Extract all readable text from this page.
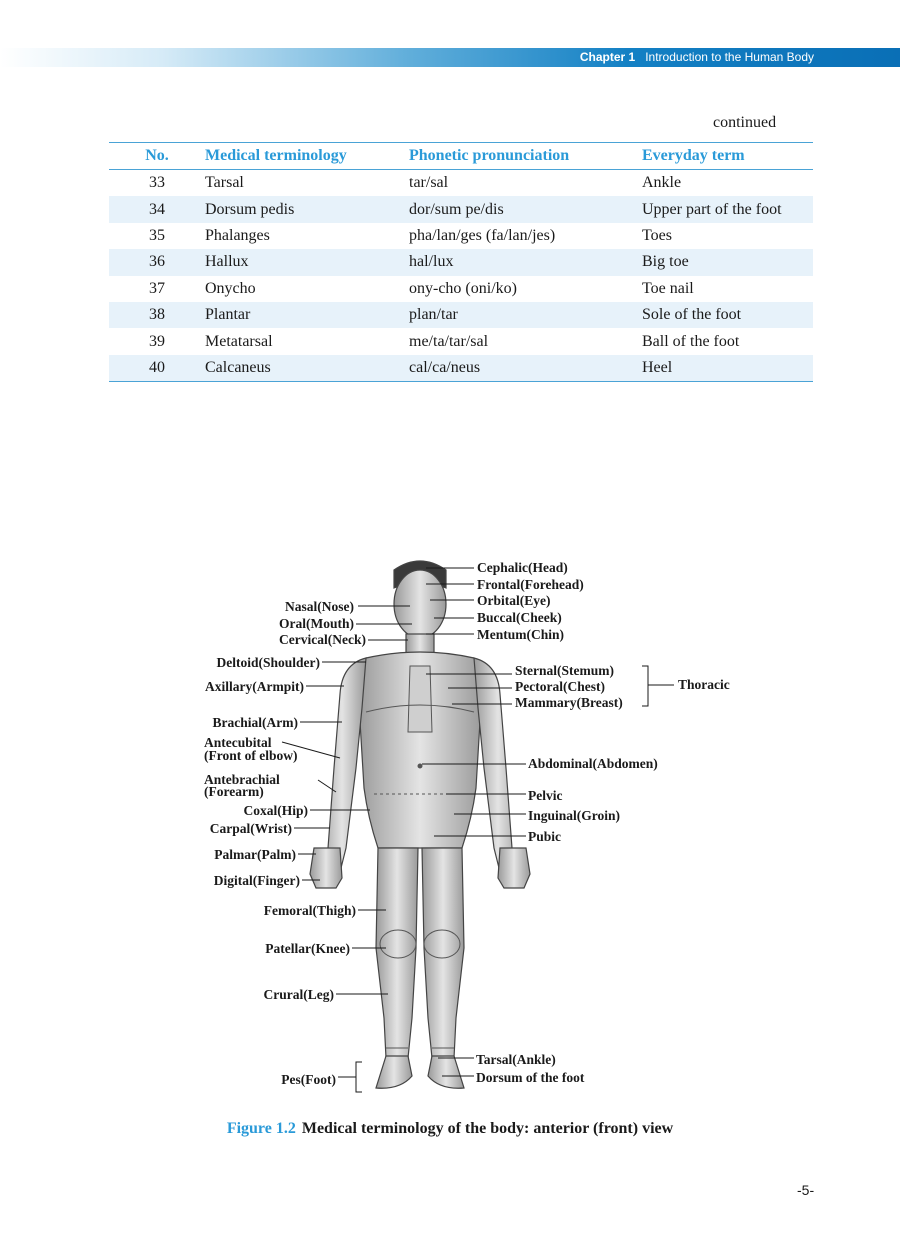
Chapter 1 Introduction to the Human Body
continued
No.	Medical terminology	Phonetic pronunciation	Everyday term
33	Tarsal	tar/sal	Ankle
34	Dorsum pedis	dor/sum pe/dis	Upper part of the foot
35	Phalanges	pha/lan/ges (fa/lan/jes)	Toes
36	Hallux	hal/lux	Big toe
37	Onycho	ony-cho (oni/ko)	Toe nail
38	Plantar	plan/tar	Sole of the foot
39	Metatarsal	me/ta/tar/sal	Ball of the foot
40	Calcaneus	cal/ca/neus	Heel
Nasal(Nose)
Oral(Mouth)
Cervical(Neck)
Deltoid(Shoulder)
Axillary(Armpit)
Brachial(Arm)
Antecubital
(Front of elbow)
Antebrachial
(Forearm)
Coxal(Hip)
Carpal(Wrist)
Palmar(Palm)
Digital(Finger)
Femoral(Thigh)
Patellar(Knee)
Crural(Leg)
Pes(Foot)
Cephalic(Head)
Frontal(Forehead)
Orbital(Eye)
Buccal(Cheek)
Mentum(Chin)
Sternal(Stemum)
Pectoral(Chest)
Mammary(Breast)
Thoracic
Abdominal(Abdomen)
Pelvic
Inguinal(Groin)
Pubic
Tarsal(Ankle)
Dorsum of the foot
Figure 1.2 Medical terminology of the body: anterior (front) view
-5-
